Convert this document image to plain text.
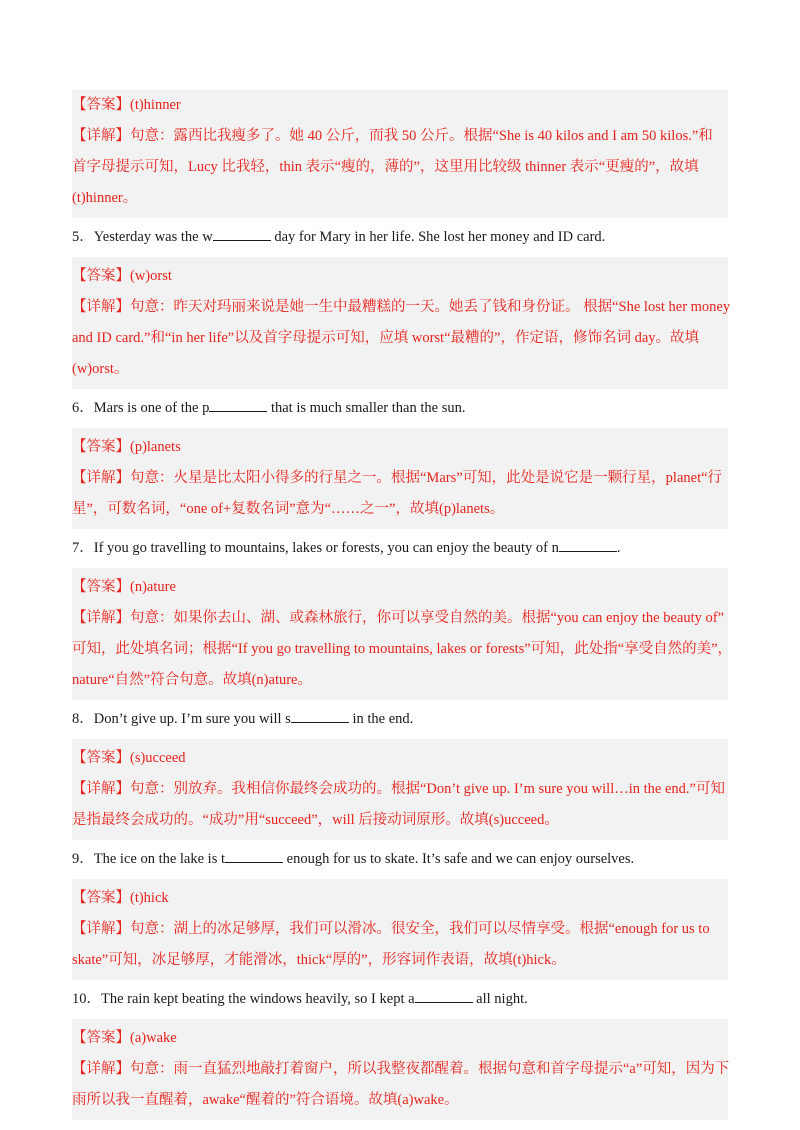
【答案】(t)hinner
【详解】句意：露西比我瘦多了。她 40 公斤，而我 50 公斤。根据“She is 40 kilos and I am 50 kilos.”和
首字母提示可知，Lucy 比我轻，thin 表示“瘦的，薄的”，这里用比较级 thinner 表示“更瘦的”，故填
(t)hinner。
5．Yesterday was the w	day for Mary in her life. She lost her money and ID card.
【答案】(w)orst
【详解】句意：昨天对玛丽来说是她一生中最糟糕的一天。她丢了钱和身份证。 根据“She lost her money
and ID card.”和“in her life”以及首字母提示可知，应填 worst“最糟的”，作定语，修饰名词 day。故填
(w)orst。
6．Mars is one of the p	that is much smaller than the sun.
【答案】(p)lanets
【详解】句意：火星是比太阳小得多的行星之一。根据“Mars”可知，此处是说它是一颗行星，planet“行
星”，可数名词，“one of+复数名词”意为“……之一”，故填(p)lanets。
7．If you go travelling to mountains, lakes or forests, you can enjoy the beauty of n	.
【答案】(n)ature
【详解】句意：如果你去山、湖、或森林旅行，你可以享受自然的美。根据“you can enjoy the beauty of”
可知，此处填名词；根据“If you go travelling to mountains, lakes or forests”可知，此处指“享受自然的美”，
nature“自然”符合句意。故填(n)ature。
8．Don’t give up. I’m sure you will s	in the end.
【答案】(s)ucceed
【详解】句意：别放弃。我相信你最终会成功的。根据“Don’t give up. I’m sure you will…in the end.”可知
是指最终会成功的。“成功”用“succeed”，will 后接动词原形。故填(s)ucceed。
9．The ice on the lake is t	enough for us to skate. It’s safe and we can enjoy ourselves.
【答案】(t)hick
【详解】句意：湖上的冰足够厚，我们可以滑冰。很安全，我们可以尽情享受。根据“enough for us to
skate”可知，冰足够厚，才能滑冰，thick“厚的”，形容词作表语，故填(t)hick。
10．The rain kept beating the windows heavily, so I kept a	all night.
【答案】(a)wake
【详解】句意：雨一直猛烈地敲打着窗户，所以我整夜都醒着。根据句意和首字母提示“a”可知，因为下
雨所以我一直醒着，awake“醒着的”符合语境。故填(a)wake。
